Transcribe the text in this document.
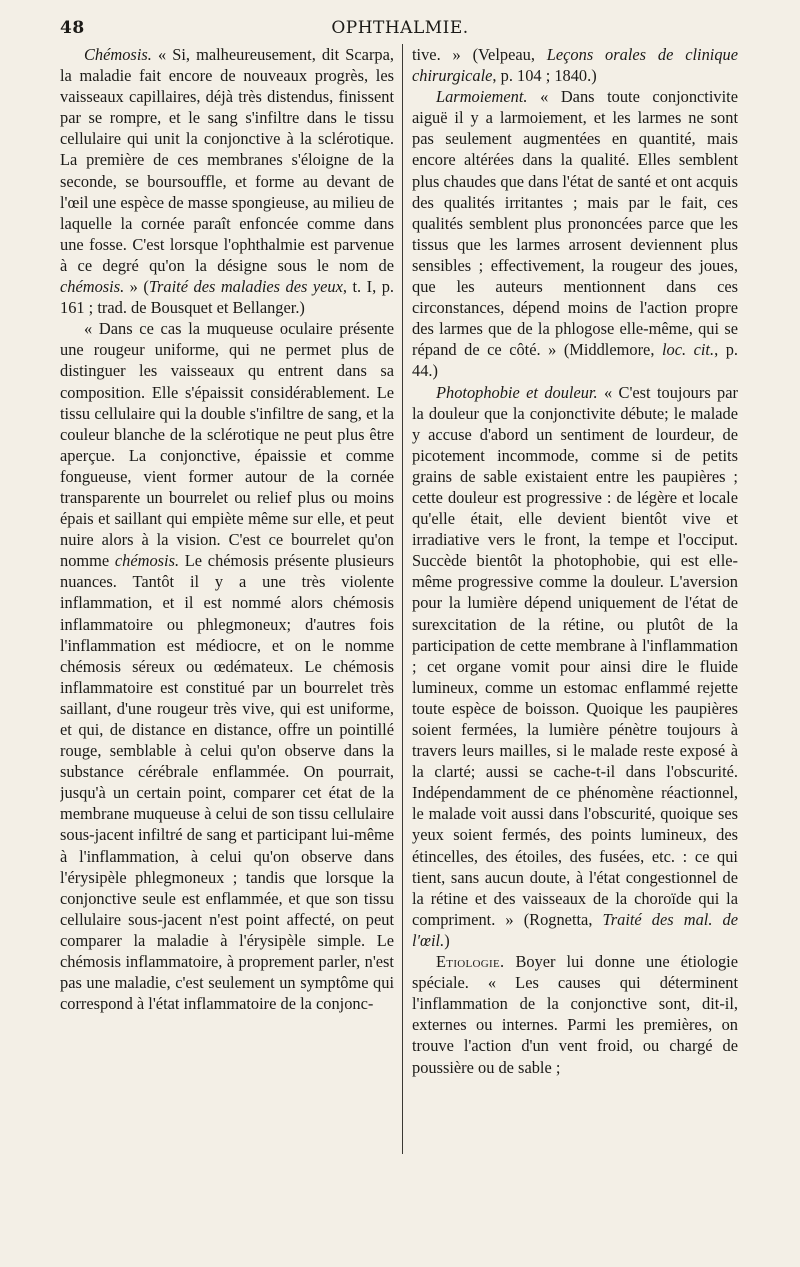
48	OPHTHALMIE.

Chémosis. « Si, malheureusement, dit Scarpa, la maladie fait encore de nouveaux progrès, les vaisseaux capillaires, déjà très distendus, finissent par se rompre, et le sang s'infiltre dans le tissu cellulaire qui unit la conjonctive à la sclérotique. La première de ces membranes s'éloigne de la seconde, se boursouffle, et forme au devant de l'œil une espèce de masse spongieuse, au milieu de laquelle la cornée paraît enfoncée comme dans une fosse. C'est lorsque l'ophthalmie est parvenue à ce degré qu'on la désigne sous le nom de chémosis. » (Traité des maladies des yeux, t. I, p. 161 ; trad. de Bousquet et Bellanger.)

« Dans ce cas la muqueuse oculaire présente une rougeur uniforme, qui ne permet plus de distinguer les vaisseaux qu entrent dans sa composition. Elle s'épaissit considérablement. Le tissu cellulaire qui la double s'infiltre de sang, et la couleur blanche de la sclérotique ne peut plus être aperçue. La conjonctive, épaissie et comme fongueuse, vient former autour de la cornée transparente un bourrelet ou relief plus ou moins épais et saillant qui empiète même sur elle, et peut nuire alors à la vision. C'est ce bourrelet qu'on nomme chémosis. Le chémosis présente plusieurs nuances. Tantôt il y a une très violente inflammation, et il est nommé alors chémosis inflammatoire ou phlegmoneux; d'autres fois l'inflammation est médiocre, et on le nomme chémosis séreux ou œdémateux. Le chémosis inflammatoire est constitué par un bourrelet très saillant, d'une rougeur très vive, qui est uniforme, et qui, de distance en distance, offre un pointillé rouge, semblable à celui qu'on observe dans la substance cérébrale enflammée. On pourrait, jusqu'à un certain point, comparer cet état de la membrane muqueuse à celui de son tissu cellulaire sous-jacent infiltré de sang et participant lui-même à l'inflammation, à celui qu'on observe dans l'érysipèle phlegmoneux ; tandis que lorsque la conjonctive seule est enflammée, et que son tissu cellulaire sous-jacent n'est point affecté, on peut comparer la maladie à l'érysipèle simple. Le chémosis inflammatoire, à proprement parler, n'est pas une maladie, c'est seulement un symptôme qui correspond à l'état inflammatoire de la conjonc-

tive. » (Velpeau, Leçons orales de clinique chirurgicale, p. 104 ; 1840.)

Larmoiement. « Dans toute conjonctivite aiguë il y a larmoiement, et les larmes ne sont pas seulement augmentées en quantité, mais encore altérées dans la qualité. Elles semblent plus chaudes que dans l'état de santé et ont acquis des qualités irritantes ; mais par le fait, ces qualités semblent plus prononcées parce que les tissus que les larmes arrosent deviennent plus sensibles ; effectivement, la rougeur des joues, que les auteurs mentionnent dans ces circonstances, dépend moins de l'action propre des larmes que de la phlogose elle-même, qui se répand de ce côté. » (Middlemore, loc. cit., p. 44.)

Photophobie et douleur. « C'est toujours par la douleur que la conjonctivite débute; le malade y accuse d'abord un sentiment de lourdeur, de picotement incommode, comme si de petits grains de sable existaient entre les paupières ; cette douleur est progressive : de légère et locale qu'elle était, elle devient bientôt vive et irradiative vers le front, la tempe et l'occiput. Succède bientôt la photophobie, qui est elle-même progressive comme la douleur. L'aversion pour la lumière dépend uniquement de l'état de surexcitation de la rétine, ou plutôt de la participation de cette membrane à l'inflammation ; cet organe vomit pour ainsi dire le fluide lumineux, comme un estomac enflammé rejette toute espèce de boisson. Quoique les paupières soient fermées, la lumière pénètre toujours à travers leurs mailles, si le malade reste exposé à la clarté; aussi se cache-t-il dans l'obscurité. Indépendamment de ce phénomène réactionnel, le malade voit aussi dans l'obscurité, quoique ses yeux soient fermés, des points lumineux, des étincelles, des étoiles, des fusées, etc. : ce qui tient, sans aucun doute, à l'état congestionnel de la rétine et des vaisseaux de la choroïde qui la compriment. » (Rognetta, Traité des mal. de l'œil.)

Etiologie. Boyer lui donne une étiologie spéciale. « Les causes qui déterminent l'inflammation de la conjonctive sont, dit-il, externes ou internes. Parmi les premières, on trouve l'action d'un vent froid, ou chargé de poussière ou de sable ;
